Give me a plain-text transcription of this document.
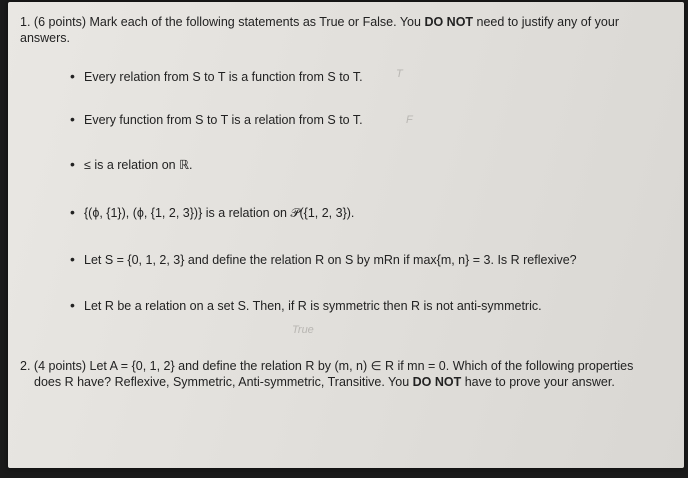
1. (6 points) Mark each of the following statements as True or False. You DO NOT need to justify any of your answers.
• Every relation from S to T is a function from S to T.	T
• Every function from S to T is a relation from S to T.	F
• ≤ is a relation on ℝ.
• {(ϕ, {1}), (ϕ, {1, 2, 3})} is a relation on 𝒫({1, 2, 3}).
• Let S = {0, 1, 2, 3} and define the relation R on S by mRn if max{m, n} = 3. Is R reflexive?
• Let R be a relation on a set S. Then, if R is symmetric then R is not anti-symmetric.
True
2. (4 points) Let A = {0, 1, 2} and define the relation R by (m, n) ∈ R if mn = 0. Which of the following properties
does R have? Reflexive, Symmetric, Anti-symmetric, Transitive. You DO NOT have to prove your answer.
